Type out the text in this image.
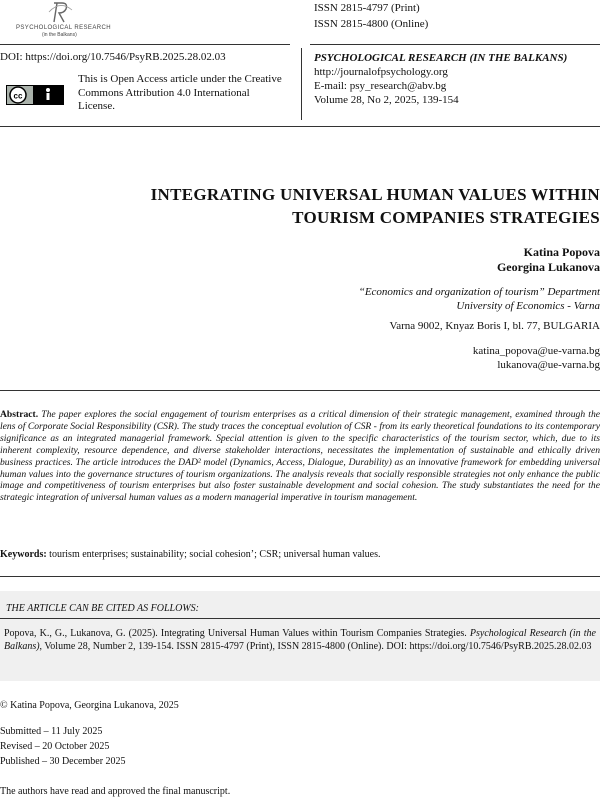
PSYCHOLOGICAL RESEARCH
(in the Balkans)
ISSN 2815-4797 (Print)
ISSN 2815-4800 (Online)
DOI: https://doi.org/10.7546/PsyRB.2025.28.02.03
cc
This is Open Access article under the Creative Commons Attribution 4.0 International License.
PSYCHOLOGICAL RESEARCH (IN THE BALKANS)
http://journalofpsychology.org
E-mail: psy_research@abv.bg
Volume 28, No 2, 2025, 139-154
INTEGRATING UNIVERSAL HUMAN VALUES WITHIN
TOURISM COMPANIES STRATEGIES
Katina Popova
Georgina Lukanova
“Economics and organization of tourism” Department
University of Economics - Varna
Varna 9002, Knyaz Boris I, bl. 77, BULGARIA
katina_popova@ue-varna.bg
lukanova@ue-varna.bg
Abstract. The paper explores the social engagement of tourism enterprises as a critical dimension of their strategic management, examined through the lens of Corporate Social Responsibility (CSR). The study traces the conceptual evolution of CSR - from its early theoretical foundations to its contemporary significance as an integrated managerial framework. Special attention is given to the specific characteristics of the tourism sector, which, due to its inherent complexity, resource dependence, and diverse stakeholder interactions, necessitates the implementation of sustainable and ethically driven business practices. The article introduces the DAD² model (Dynamics, Access, Dialogue, Durability) as an innovative framework for embedding universal human values into the governance structures of tourism organizations. The analysis reveals that socially responsible strategies not only enhance the public image and competitiveness of tourism enterprises but also foster sustainable development and social cohesion. The study substantiates the need for the strategic integration of universal human values as a modern managerial imperative in tourism management.
Keywords: tourism enterprises; sustainability; social cohesion’; CSR; universal human values.
THE ARTICLE CAN BE CITED AS FOLLOWS:
Popova, K., G., Lukanova, G. (2025). Integrating Universal Human Values within Tourism Companies Strategies. Psychological Research (in the Balkans), Volume 28, Number 2, 139-154. ISSN 2815-4797 (Print), ISSN 2815-4800 (Online). DOI: https://doi.org/10.7546/PsyRB.2025.28.02.03
© Katina Popova, Georgina Lukanova, 2025
Submitted – 11 July 2025
Revised – 20 October 2025
Published – 30 December 2025
The authors have read and approved the final manuscript.
